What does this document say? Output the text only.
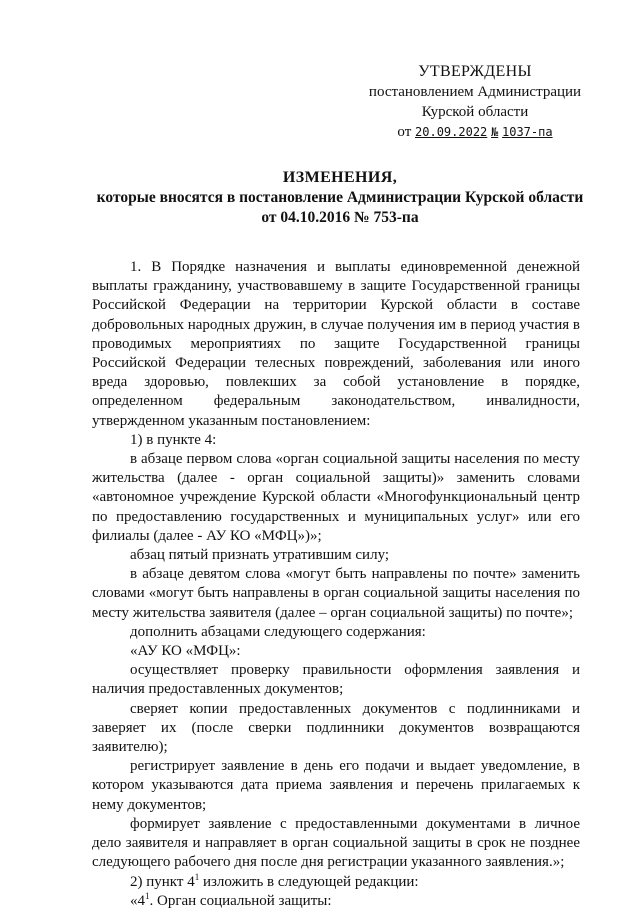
УТВЕРЖДЕНЫ
постановлением Администрации
Курской области
от 20.09.2022 № 1037-па
ИЗМЕНЕНИЯ,
которые вносятся в постановление Администрации Курской области
от 04.10.2016 № 753-па

1. В Порядке назначения и выплаты единовременной денежной выплаты гражданину, участвовавшему в защите Государственной границы Российской Федерации на территории Курской области в составе добровольных народных дружин, в случае получения им в период участия в проводимых мероприятиях по защите Государственной границы Российской Федерации телесных повреждений, заболевания или иного вреда здоровью, повлекших за собой установление в порядке, определенном федеральным законодательством, инвалидности, утвержденном указанным постановлением:

1) в пункте 4:

в абзаце первом слова «орган социальной защиты населения по месту жительства (далее - орган социальной защиты)» заменить словами «автономное учреждение Курской области «Многофункциональный центр по предоставлению государственных и муниципальных услуг» или его филиалы (далее - АУ КО «МФЦ»)»;

абзац пятый признать утратившим силу;

в абзаце девятом слова «могут быть направлены по почте» заменить словами «могут быть направлены в орган социальной защиты населения по месту жительства заявителя (далее – орган социальной защиты) по почте»;

дополнить абзацами следующего содержания:

«АУ КО «МФЦ»:

осуществляет проверку правильности оформления заявления и наличия предоставленных документов;

сверяет копии предоставленных документов с подлинниками и заверяет их (после сверки подлинники документов возвращаются заявителю);

регистрирует заявление в день его подачи и выдает уведомление, в котором указываются дата приема заявления и перечень прилагаемых к нему документов;

формирует заявление с предоставленными документами в личное дело заявителя и направляет в орган социальной защиты в срок не позднее следующего рабочего дня после дня регистрации указанного заявления.»;

2) пункт $4^1$ изложить в следующей редакции:

«$4^1$. Орган социальной защиты:
